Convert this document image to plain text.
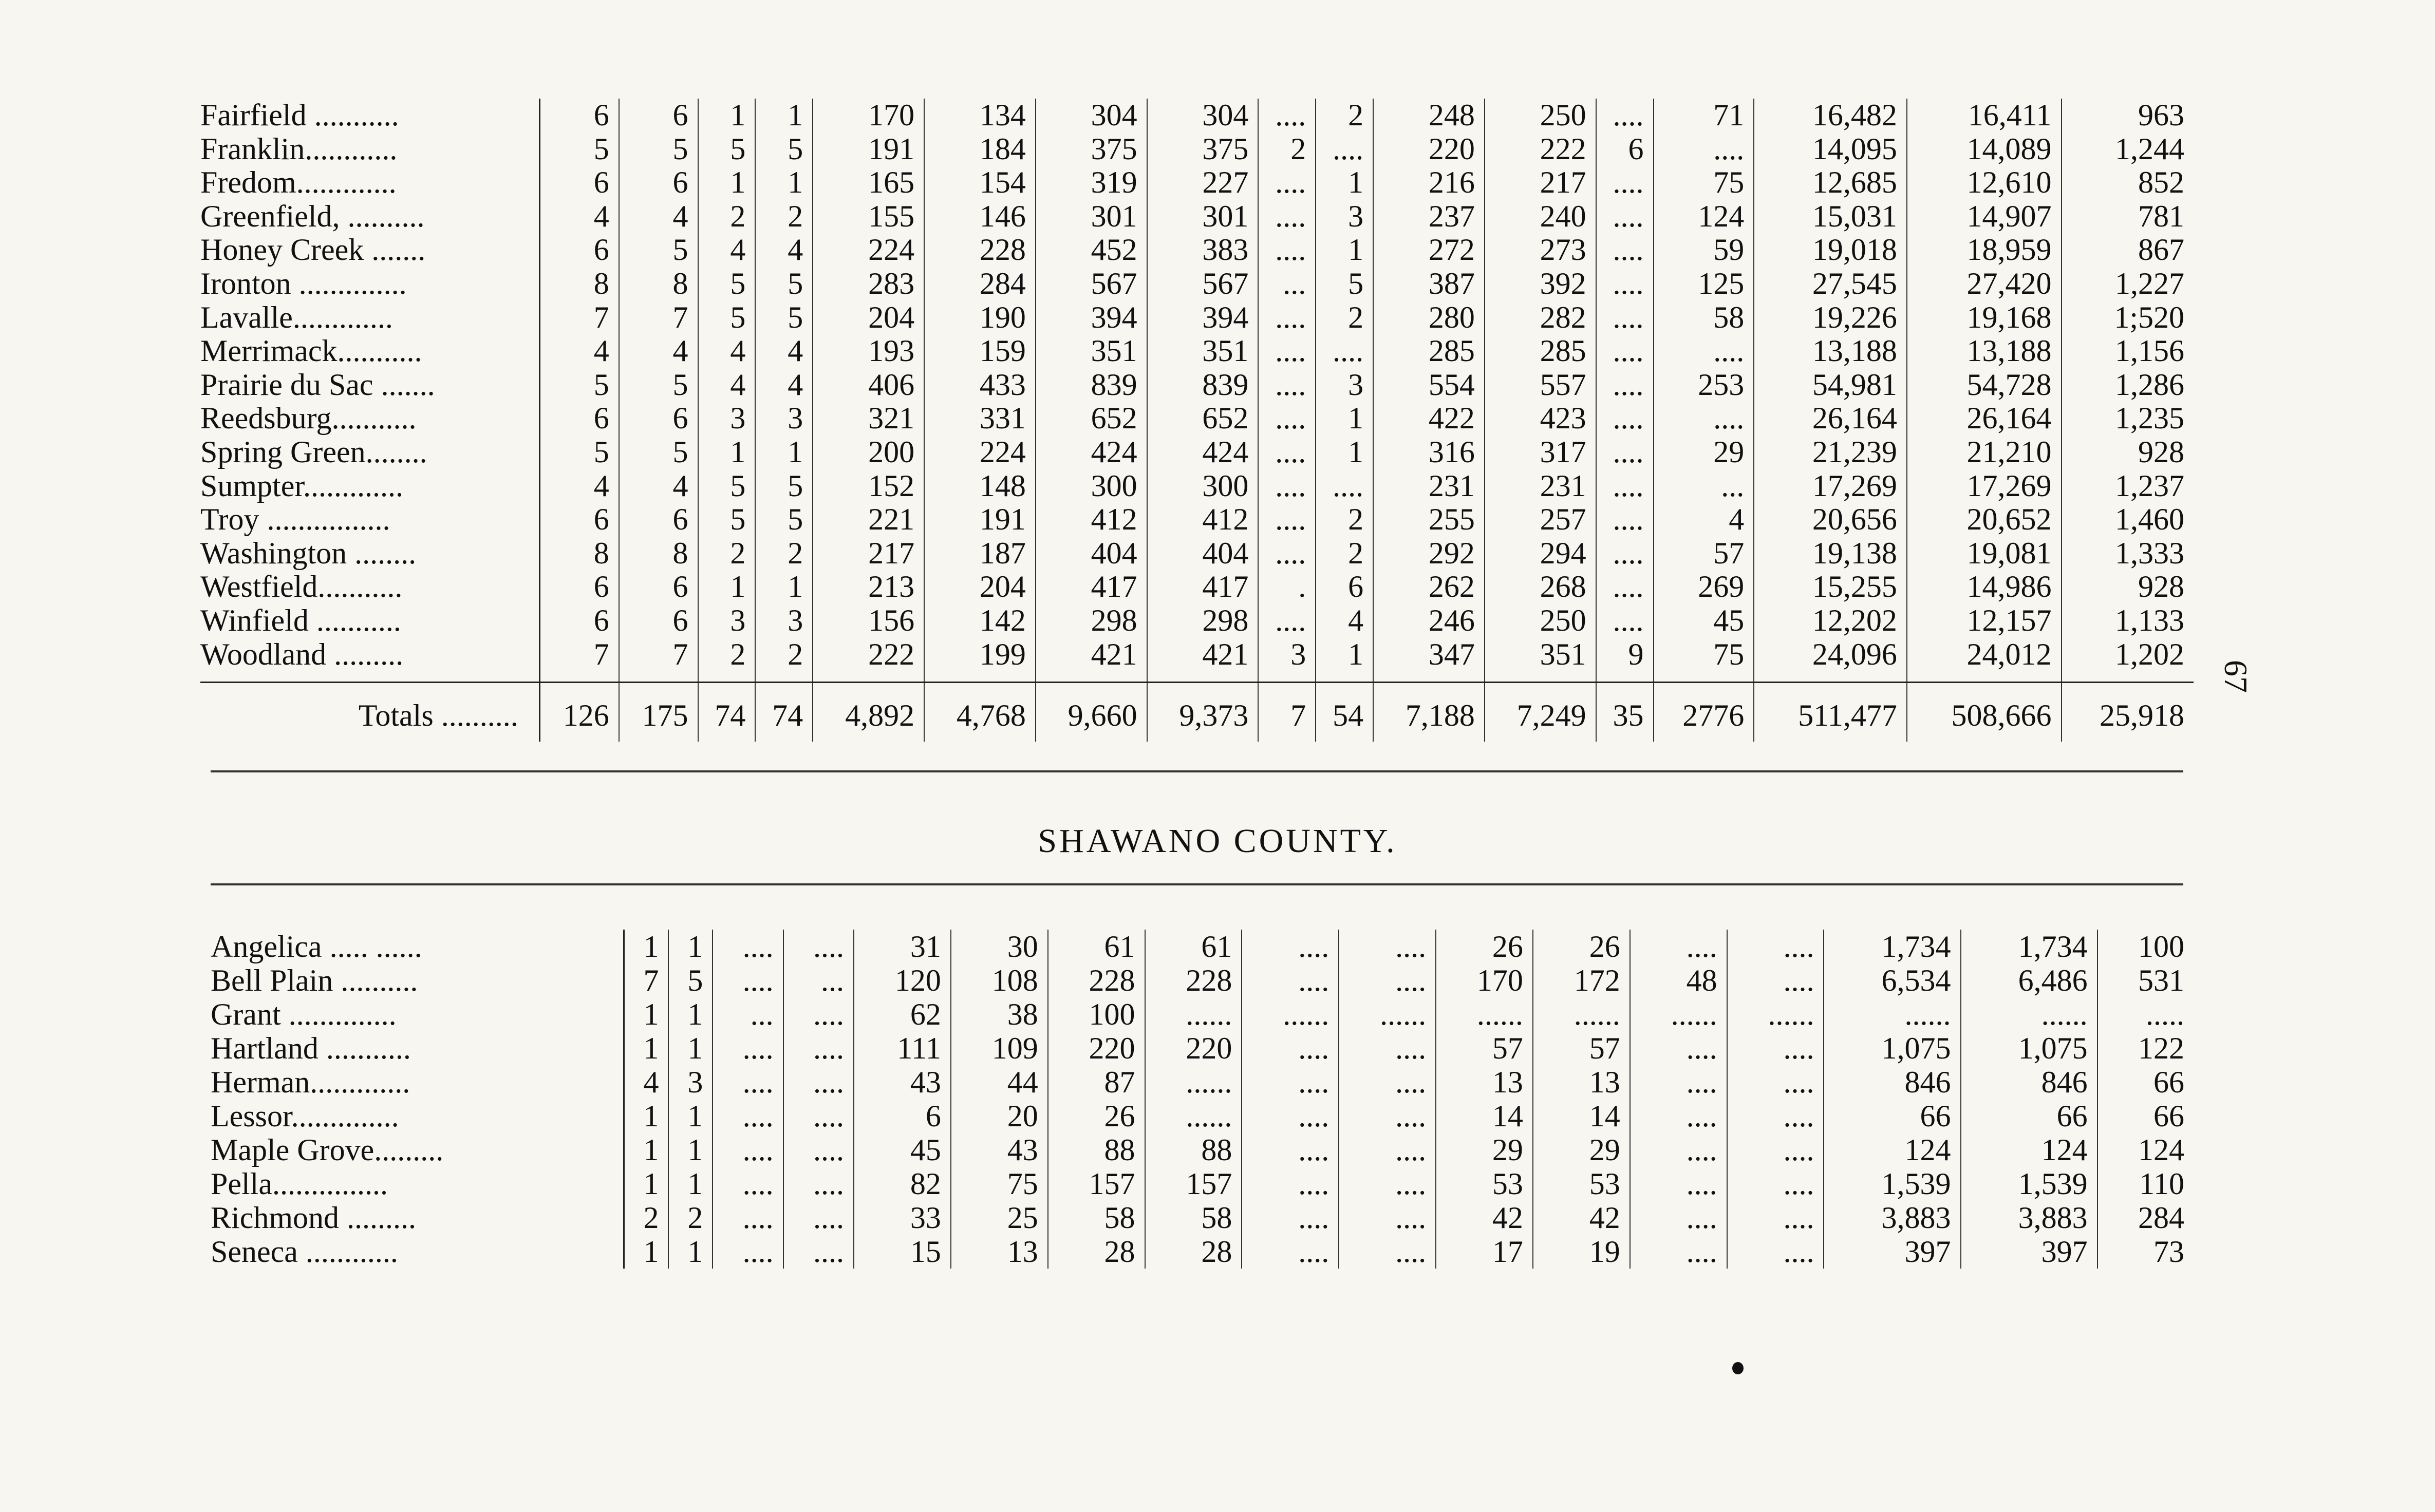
67
Fairfield ...........	6	6	1	1	170	134	304	304	....	2	248	250	....	71	16,482	16,411	963
Franklin............	5	5	5	5	191	184	375	375	2	....	220	222	6	....	14,095	14,089	1,244
Fredom.............	6	6	1	1	165	154	319	227	....	1	216	217	....	75	12,685	12,610	852
Greenfield, ..........	4	4	2	2	155	146	301	301	....	3	237	240	....	124	15,031	14,907	781
Honey Creek .......	6	5	4	4	224	228	452	383	....	1	272	273	....	59	19,018	18,959	867
Ironton ..............	8	8	5	5	283	284	567	567	...	5	387	392	....	125	27,545	27,420	1,227
Lavalle.............	7	7	5	5	204	190	394	394	....	2	280	282	....	58	19,226	19,168	1;520
Merrimack...........	4	4	4	4	193	159	351	351	....	....	285	285	....	....	13,188	13,188	1,156
Prairie du Sac .......	5	5	4	4	406	433	839	839	....	3	554	557	....	253	54,981	54,728	1,286
Reedsburg...........	6	6	3	3	321	331	652	652	....	1	422	423	....	....	26,164	26,164	1,235
Spring Green........	5	5	1	1	200	224	424	424	....	1	316	317	....	29	21,239	21,210	928
Sumpter.............	4	4	5	5	152	148	300	300	....	....	231	231	....	...	17,269	17,269	1,237
Troy ................	6	6	5	5	221	191	412	412	....	2	255	257	....	4	20,656	20,652	1,460
Washington ........	8	8	2	2	217	187	404	404	....	2	292	294	....	57	19,138	19,081	1,333
Westfield...........	6	6	1	1	213	204	417	417	.	6	262	268	....	269	15,255	14,986	928
Winfield ...........	6	6	3	3	156	142	298	298	....	4	246	250	....	45	12,202	12,157	1,133
Woodland .........	7	7	2	2	222	199	421	421	3	1	347	351	9	75	24,096	24,012	1,202

Totals ..........	126	175	74	74	4,892	4,768	9,660	9,373	7	54	7,188	7,249	35	2776	511,477	508,666	25,918
SHAWANO COUNTY.
Angelica ..... ......	1	1	....	....	31	30	61	61	....	....	26	26	....	....	1,734	1,734	100
Bell Plain ..........	7	5	....	...	120	108	228	228	....	....	170	172	48	....	6,534	6,486	531
Grant ..............	1	1	...	....	62	38	100	......	......	......	......	......	......	......	......	......	.....
Hartland ...........	1	1	....	....	111	109	220	220	....	....	57	57	....	....	1,075	1,075	122
Herman.............	4	3	....	....	43	44	87	......	....	....	13	13	....	....	846	846	66
Lessor..............	1	1	....	....	6	20	26	......	....	....	14	14	....	....	66	66	66
Maple Grove.........	1	1	....	....	45	43	88	88	....	....	29	29	....	....	124	124	124
Pella...............	1	1	....	....	82	75	157	157	....	....	53	53	....	....	1,539	1,539	110
Richmond .........	2	2	....	....	33	25	58	58	....	....	42	42	....	....	3,883	3,883	284
Seneca ............	1	1	....	....	15	13	28	28	....	....	17	19	....	....	397	397	73
